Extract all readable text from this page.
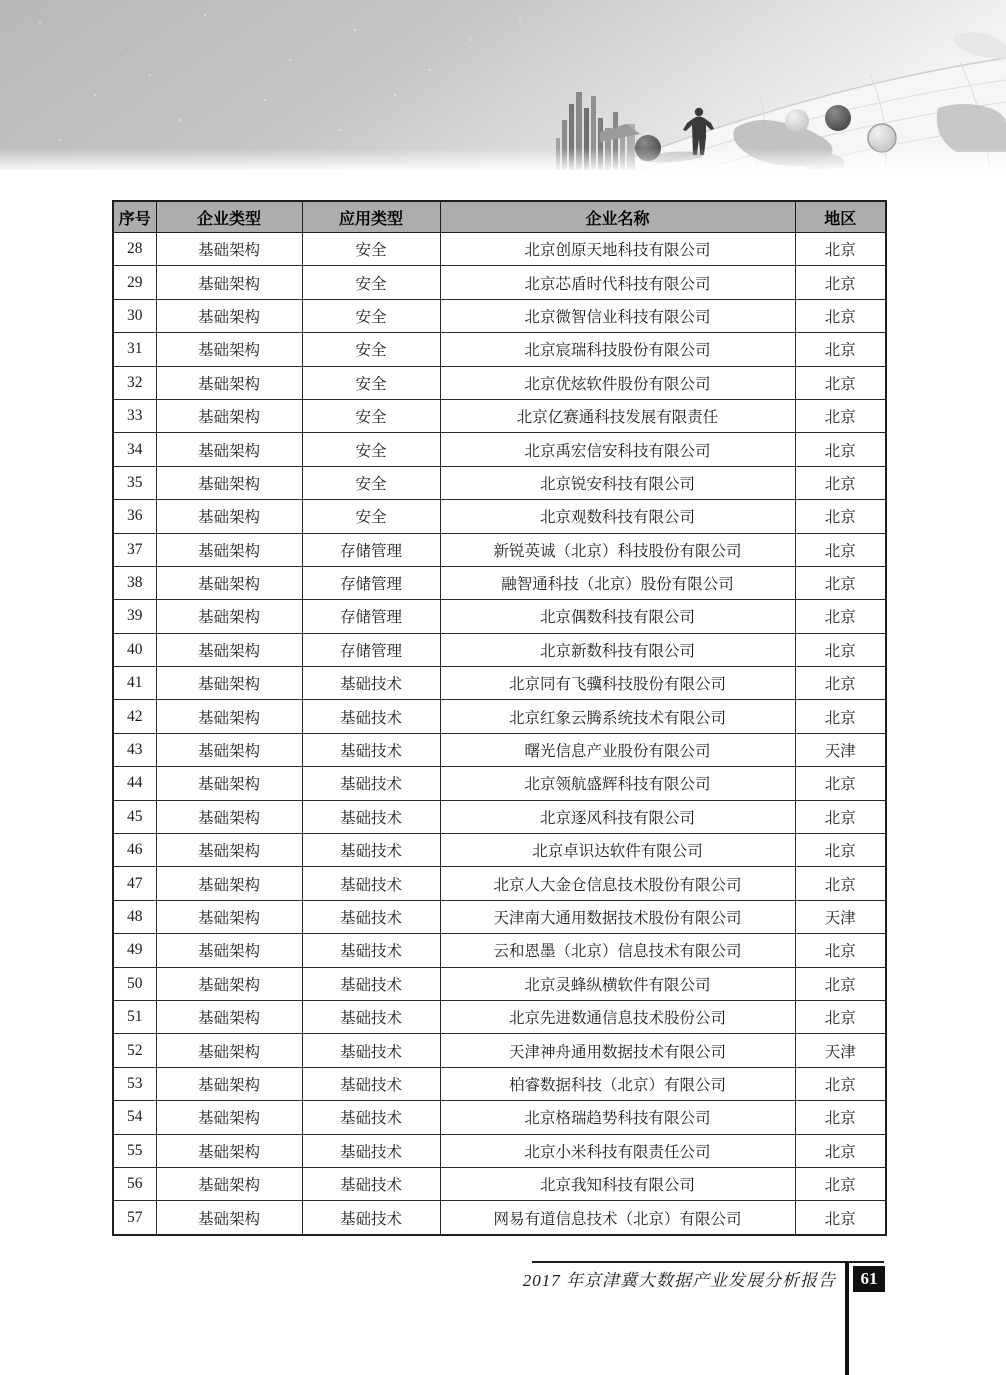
序号	企业类型	应用类型	企业名称	地区
28	基础架构	安全	北京创原天地科技有限公司	北京
29	基础架构	安全	北京芯盾时代科技有限公司	北京
30	基础架构	安全	北京微智信业科技有限公司	北京
31	基础架构	安全	北京宸瑞科技股份有限公司	北京
32	基础架构	安全	北京优炫软件股份有限公司	北京
33	基础架构	安全	北京亿赛通科技发展有限责任	北京
34	基础架构	安全	北京禹宏信安科技有限公司	北京
35	基础架构	安全	北京锐安科技有限公司	北京
36	基础架构	安全	北京观数科技有限公司	北京
37	基础架构	存储管理	新锐英诚（北京）科技股份有限公司	北京
38	基础架构	存储管理	融智通科技（北京）股份有限公司	北京
39	基础架构	存储管理	北京偶数科技有限公司	北京
40	基础架构	存储管理	北京新数科技有限公司	北京
41	基础架构	基础技术	北京同有飞骥科技股份有限公司	北京
42	基础架构	基础技术	北京红象云腾系统技术有限公司	北京
43	基础架构	基础技术	曙光信息产业股份有限公司	天津
44	基础架构	基础技术	北京领航盛辉科技有限公司	北京
45	基础架构	基础技术	北京逐风科技有限公司	北京
46	基础架构	基础技术	北京卓识达软件有限公司	北京
47	基础架构	基础技术	北京人大金仓信息技术股份有限公司	北京
48	基础架构	基础技术	天津南大通用数据技术股份有限公司	天津
49	基础架构	基础技术	云和恩墨（北京）信息技术有限公司	北京
50	基础架构	基础技术	北京灵蜂纵横软件有限公司	北京
51	基础架构	基础技术	北京先进数通信息技术股份公司	北京
52	基础架构	基础技术	天津神舟通用数据技术有限公司	天津
53	基础架构	基础技术	柏睿数据科技（北京）有限公司	北京
54	基础架构	基础技术	北京格瑞趋势科技有限公司	北京
55	基础架构	基础技术	北京小米科技有限责任公司	北京
56	基础架构	基础技术	北京我知科技有限公司	北京
57	基础架构	基础技术	网易有道信息技术（北京）有限公司	北京
2017 年京津冀大数据产业发展分析报告	61
